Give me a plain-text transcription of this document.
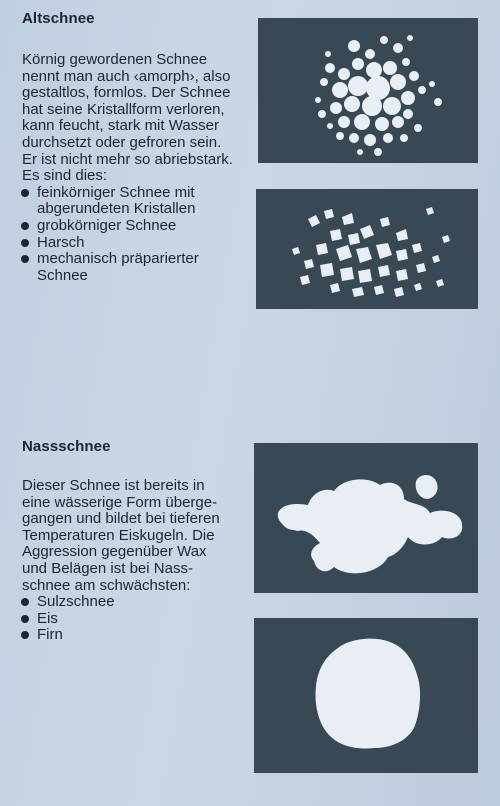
Altschnee

Körnig gewordenen Schnee
nennt man auch ‹amorph›, also
gestaltlos, formlos. Der Schnee
hat seine Kristallform verloren,
kann feucht, stark mit Wasser
durchsetzt oder gefroren sein.
Er ist nicht mehr so abriebstark.
Es sind dies:

feinkörniger Schnee mit
abgerundeten Kristallen
grobkörniger Schnee
Harsch
mechanisch präparierter
Schnee
Nassschnee

Dieser Schnee ist bereits in
eine wässerige Form überge-
gangen und bildet bei tieferen
Temperaturen Eiskugeln. Die
Aggression gegenüber Wax
und Belägen ist bei Nass-
schnee am schwächsten:

Sulzschnee
Eis
Firn
